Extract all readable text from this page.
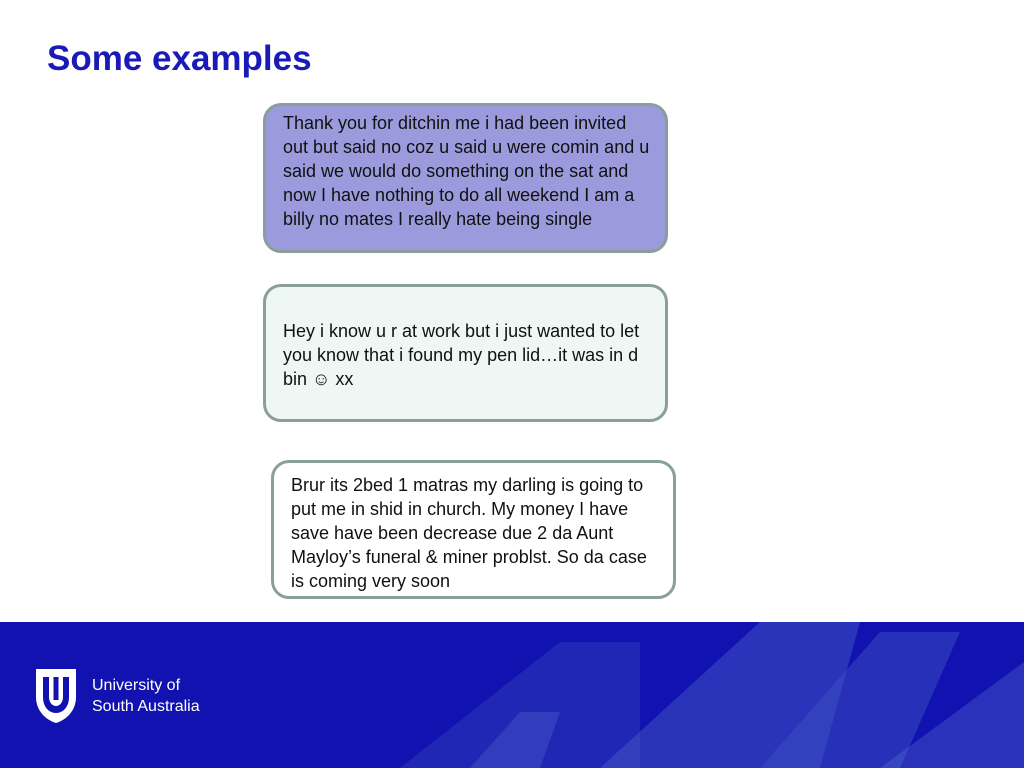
Some examples
Thank you for ditchin me i had been invited out but said no coz u said u were comin and u said we would do something on the sat and now I have nothing to do all weekend I am a billy no mates I really hate being single
Hey i know u r at work but i just wanted to let you know that i found my pen lid…it was in d bin ☺ xx
Brur its 2bed 1 matras my darling is going to put me in shid in church. My money I have save have been decrease due 2 da Aunt Mayloy’s funeral & miner problst. So da case is coming very soon
University of
South Australia
